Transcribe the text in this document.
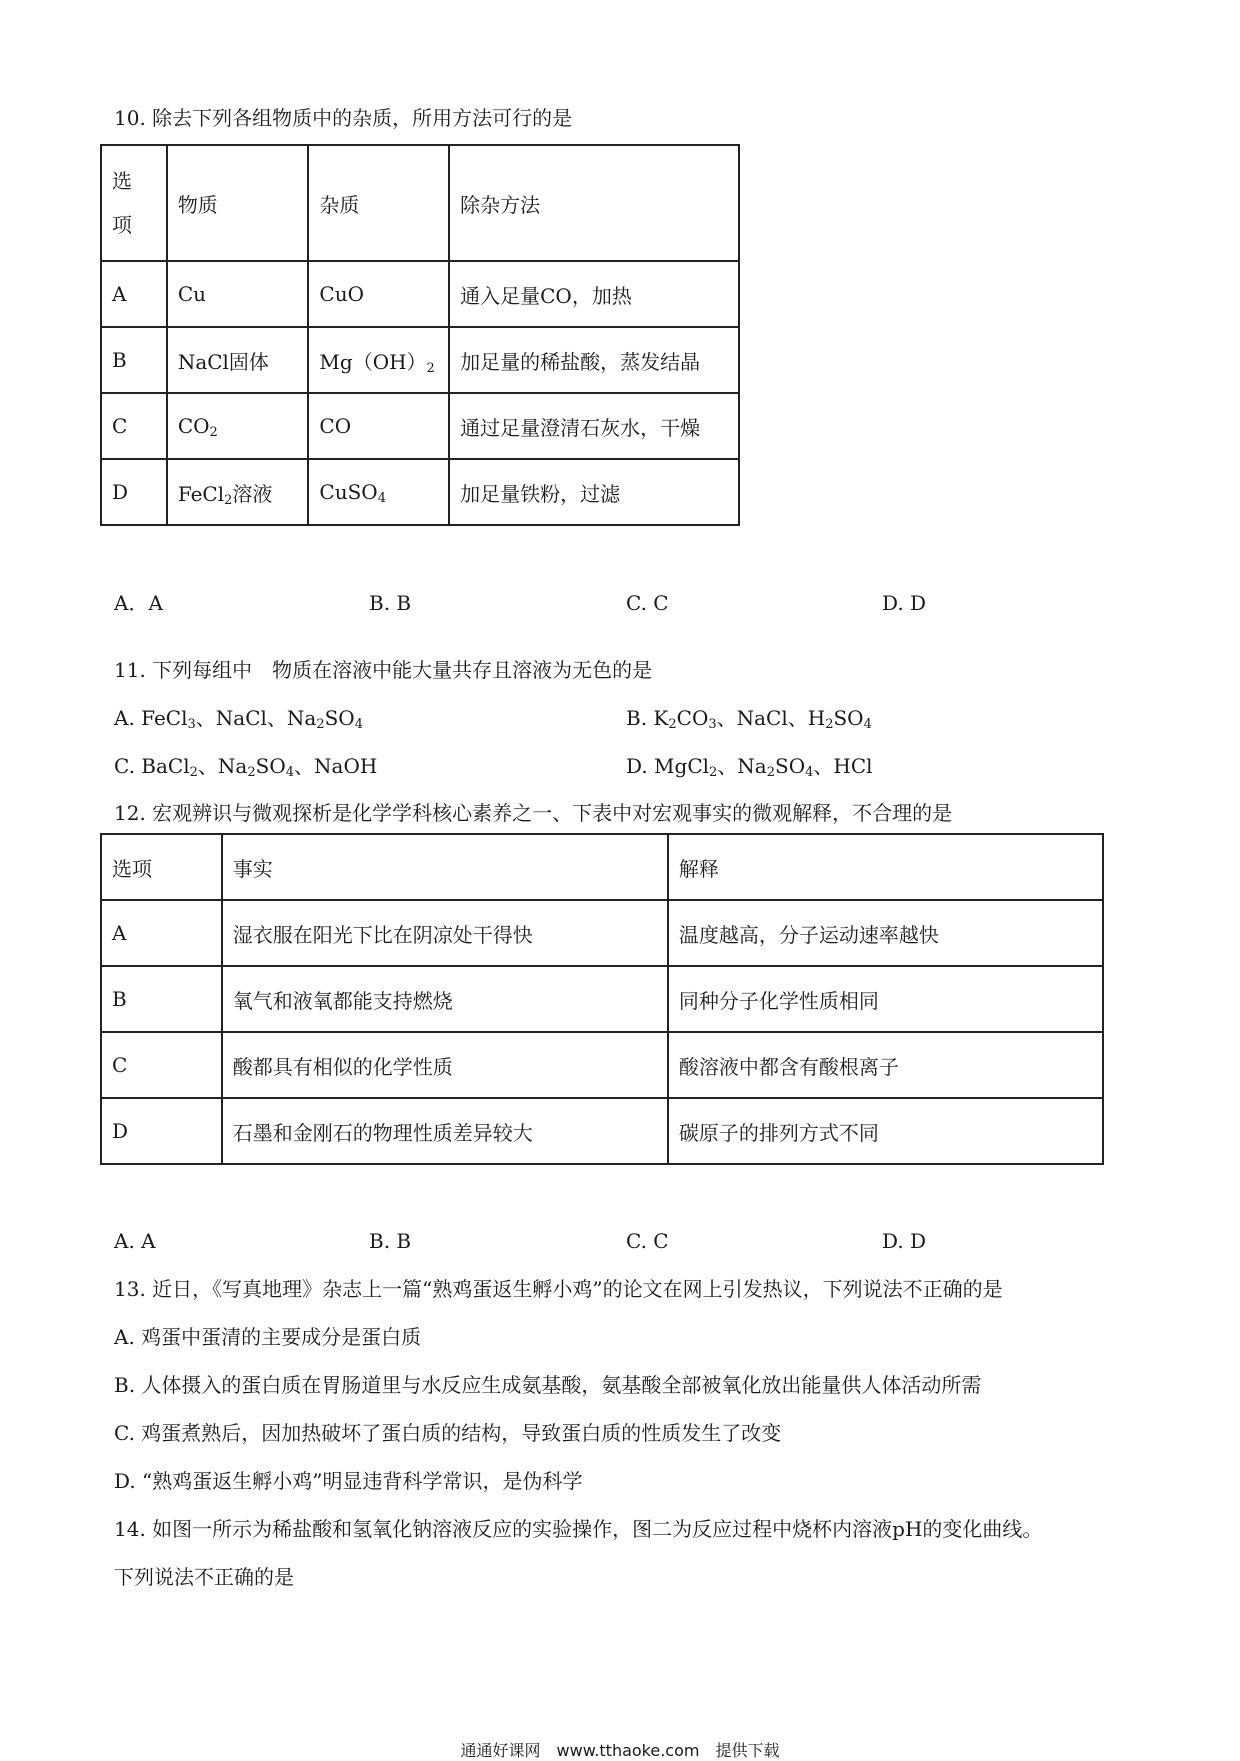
10. 除去下列各组物质中的杂质，所用方法可行的是
选
项	物质	杂质	除杂方法
A	Cu	CuO	通入足量CO，加热
B	NaCl固体	$Mg(OH)_2$	加足量的稀盐酸，蒸发结晶
C	$CO_2$	CO	通过足量澄清石灰水，干燥
D	FeCl$_2$溶液	CuSO$_4$	加足量铁粉，过滤
A．A	B. B	C. C	D. D
11. 下列每组中　物质在溶液中能大量共存且溶液为无色的是
A. FeCl$_3$、NaCl、$Na_2SO_4$	B. $K_2CO_3$、NaCl、$H_2SO_4$
C. BaCl$_2$、$Na_2SO_4$、NaOH	D. MgCl$_2$、$Na_2SO_4$、HCl
12. 宏观辨识与微观探析是化学学科核心素养之一、下表中对宏观事实的微观解释，不合理的是
选项	事实	解释
A	湿衣服在阳光下比在阴凉处干得快	温度越高，分子运动速率越快
B	氧气和液氧都能支持燃烧	同种分子化学性质相同
C	酸都具有相似的化学性质	酸溶液中都含有酸根离子
D	石墨和金刚石的物理性质差异较大	碳原子的排列方式不同
A. A	B. B	C. C	D. D
13. 近日，《写真地理》杂志上一篇“熟鸡蛋返生孵小鸡”的论文在网上引发热议，下列说法不正确的是
A. 鸡蛋中蛋清的主要成分是蛋白质
B. 人体摄入的蛋白质在胃肠道里与水反应生成氨基酸，氨基酸全部被氧化放出能量供人体活动所需
C. 鸡蛋煮熟后，因加热破坏了蛋白质的结构，导致蛋白质的性质发生了改变
D. “熟鸡蛋返生孵小鸡”明显违背科学常识，是伪科学
14. 如图一所示为稀盐酸和氢氧化钠溶液反应的实验操作，图二为反应过程中烧杯内溶液pH的变化曲线。
下列说法不正确的是
通通好课网　www.tthaoke.com　提供下载
